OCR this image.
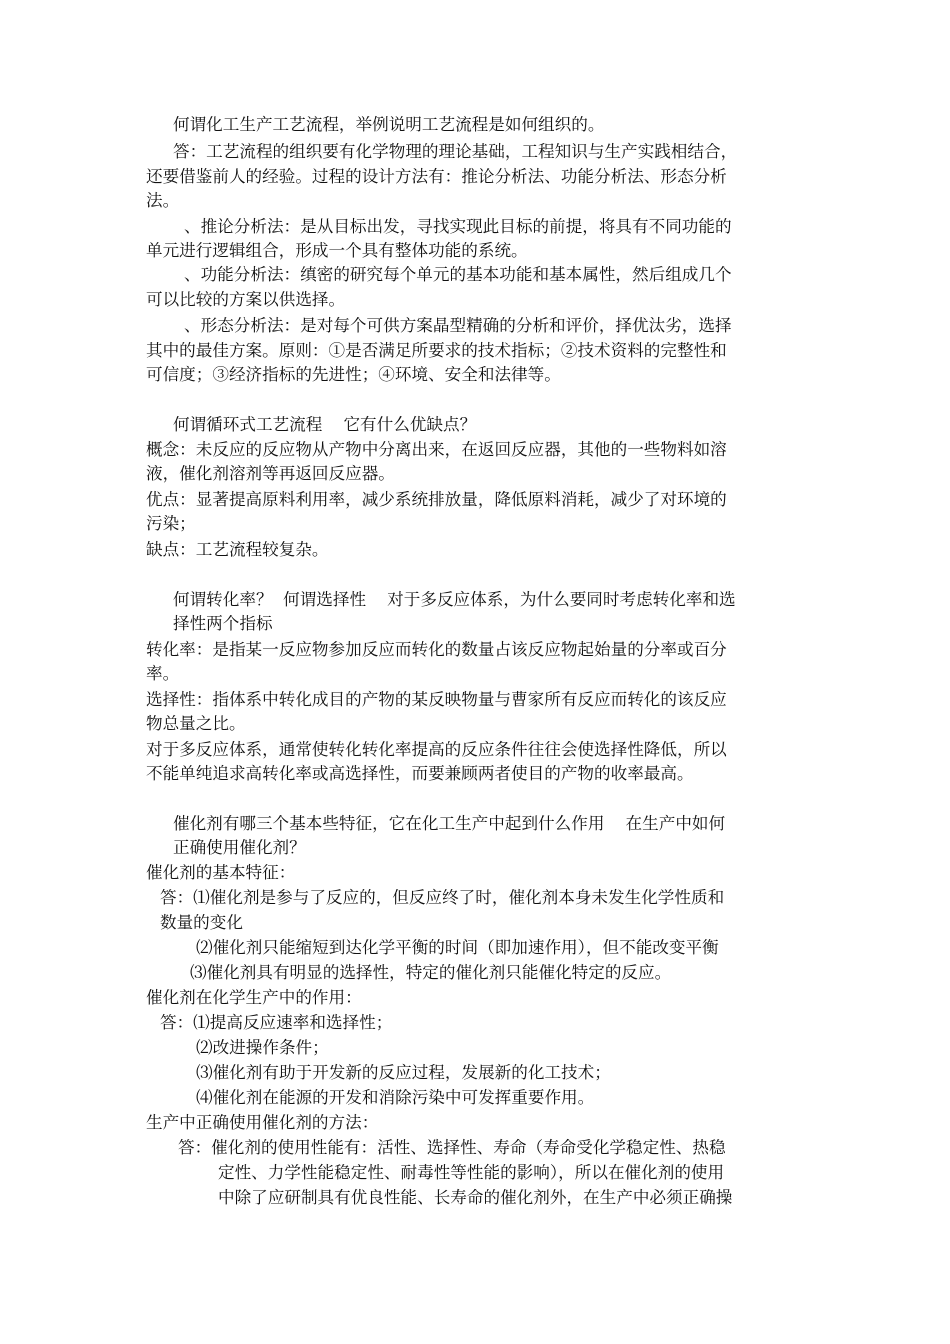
何谓化工生产工艺流程，举例说明工艺流程是如何组织的。
答：工艺流程的组织要有化学物理的理论基础，工程知识与生产实践相结合，
还要借鉴前人的经验。过程的设计方法有：推论分析法、功能分析法、形态分析
法。
、推论分析法：是从目标出发，寻找实现此目标的前提，将具有不同功能的
单元进行逻辑组合，形成一个具有整体功能的系统。
、功能分析法：缜密的研究每个单元的基本功能和基本属性，然后组成几个
可以比较的方案以供选择。
、形态分析法：是对每个可供方案晶型精确的分析和评价，择优汰劣，选择
其中的最佳方案。原则：①是否满足所要求的技术指标；②技术资料的完整性和
可信度；③经济指标的先进性；④环境、安全和法律等。
何谓循环式工艺流程    它有什么优缺点？
概念：未反应的反应物从产物中分离出来，在返回反应器，其他的一些物料如溶
液，催化剂溶剂等再返回反应器。
优点：显著提高原料利用率，减少系统排放量，降低原料消耗，减少了对环境的
污染；
缺点：工艺流程较复杂。
何谓转化率？  何谓选择性    对于多反应体系，为什么要同时考虑转化率和选
择性两个指标
转化率：是指某一反应物参加反应而转化的数量占该反应物起始量的分率或百分
率。
选择性：指体系中转化成目的产物的某反映物量与曹家所有反应而转化的该反应
物总量之比。
对于多反应体系，通常使转化转化率提高的反应条件往往会使选择性降低，所以
不能单纯追求高转化率或高选择性，而要兼顾两者使目的产物的收率最高。
催化剂有哪三个基本些特征，它在化工生产中起到什么作用    在生产中如何
正确使用催化剂？
催化剂的基本特征：
答：⑴催化剂是参与了反应的，但反应终了时，催化剂本身未发生化学性质和
数量的变化
⑵催化剂只能缩短到达化学平衡的时间（即加速作用），但不能改变平衡
⑶催化剂具有明显的选择性，特定的催化剂只能催化特定的反应。
催化剂在化学生产中的作用：
答：⑴提高反应速率和选择性；
⑵改进操作条件；
⑶催化剂有助于开发新的反应过程，发展新的化工技术；
⑷催化剂在能源的开发和消除污染中可发挥重要作用。
生产中正确使用催化剂的方法：
答：催化剂的使用性能有：活性、选择性、寿命（寿命受化学稳定性、热稳
定性、力学性能稳定性、耐毒性等性能的影响），所以在催化剂的使用
中除了应研制具有优良性能、长寿命的催化剂外，在生产中必须正确操
